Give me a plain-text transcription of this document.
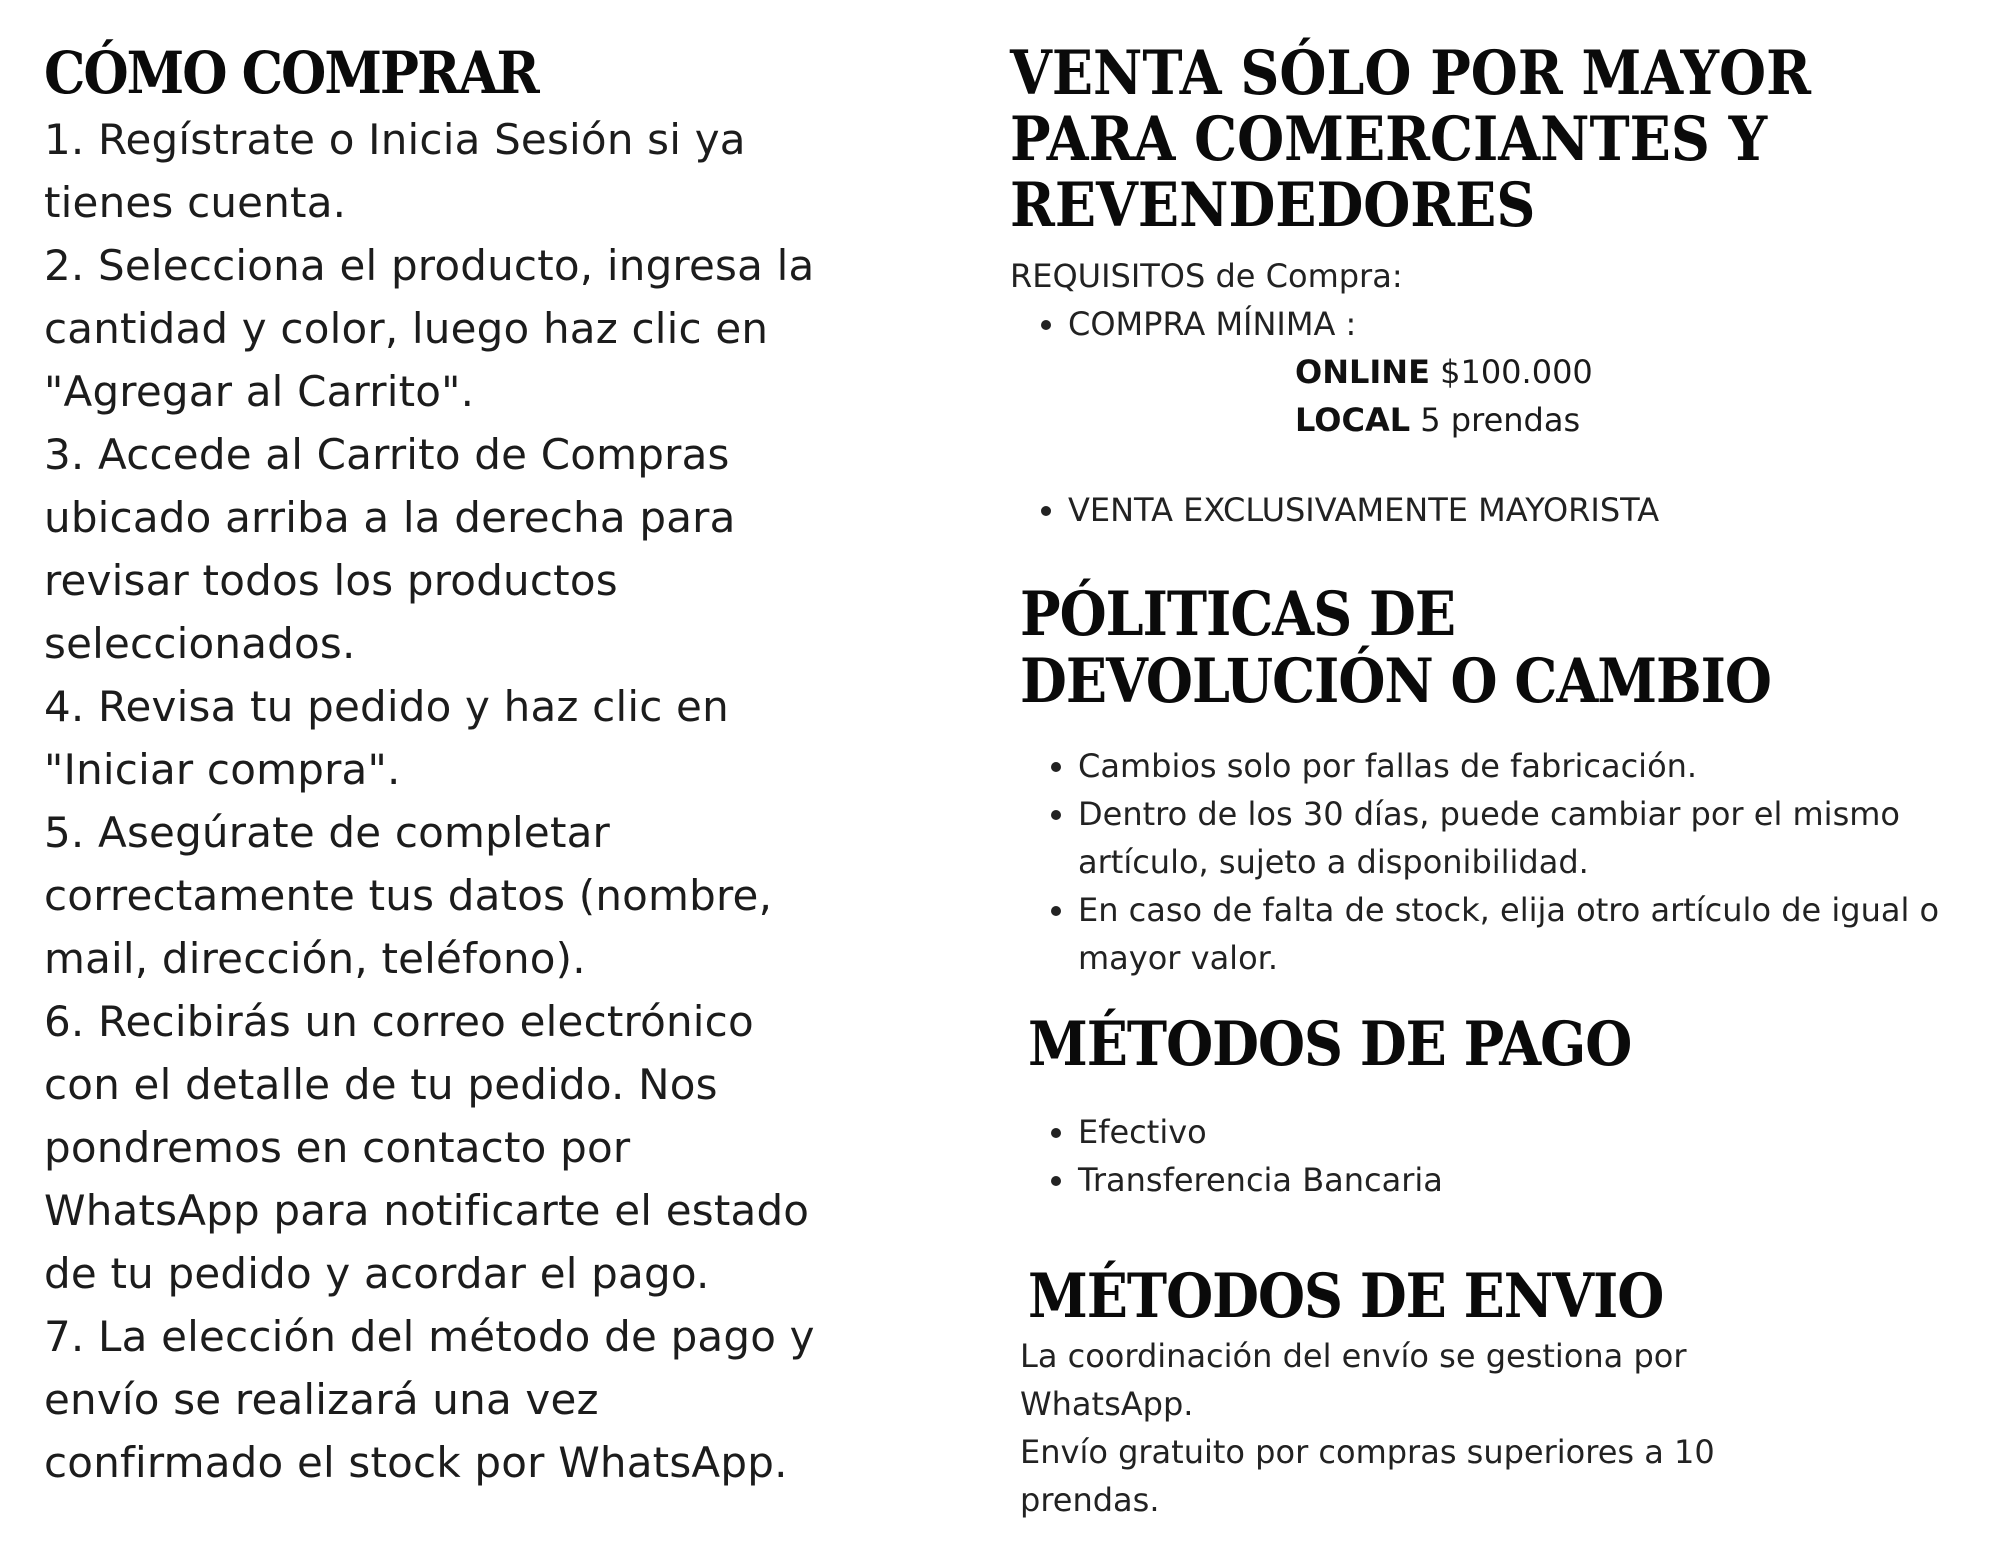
CÓMO COMPRAR

1. Regístrate o Inicia Sesión si ya
tienes cuenta.

2. Selecciona el producto, ingresa la
cantidad y color, luego haz clic en
"Agregar al Carrito".

3. Accede al Carrito de Compras
ubicado arriba a la derecha para
revisar todos los productos
seleccionados.

4. Revisa tu pedido y haz clic en
"Iniciar compra".

5. Asegúrate de completar
correctamente tus datos (nombre,
mail, dirección, teléfono).

6. Recibirás un correo electrónico
con el detalle de tu pedido. Nos
pondremos en contacto por
WhatsApp para notificarte el estado
de tu pedido y acordar el pago.

7. La elección del método de pago y
envío se realizará una vez
confirmado el stock por WhatsApp.

VENTA SÓLO POR MAYOR
PARA COMERCIANTES Y
REVENDEDORES
REQUISITOS de Compra:
• COMPRA MÍNIMA :
ONLINE $100.000
LOCAL 5 prendas
• VENTA EXCLUSIVAMENTE MAYORISTA
PÓLITICAS DE
DEVOLUCIÓN O CAMBIO
• Cambios solo por fallas de fabricación.
• Dentro de los 30 días, puede cambiar por el mismo artículo, sujeto a disponibilidad.
• En caso de falta de stock, elija otro artículo de igual o mayor valor.
MÉTODOS DE PAGO
• Efectivo
• Transferencia Bancaria
MÉTODOS DE ENVIO
La coordinación del envío se gestiona por
WhatsApp.
Envío gratuito por compras superiores a 10
prendas.
